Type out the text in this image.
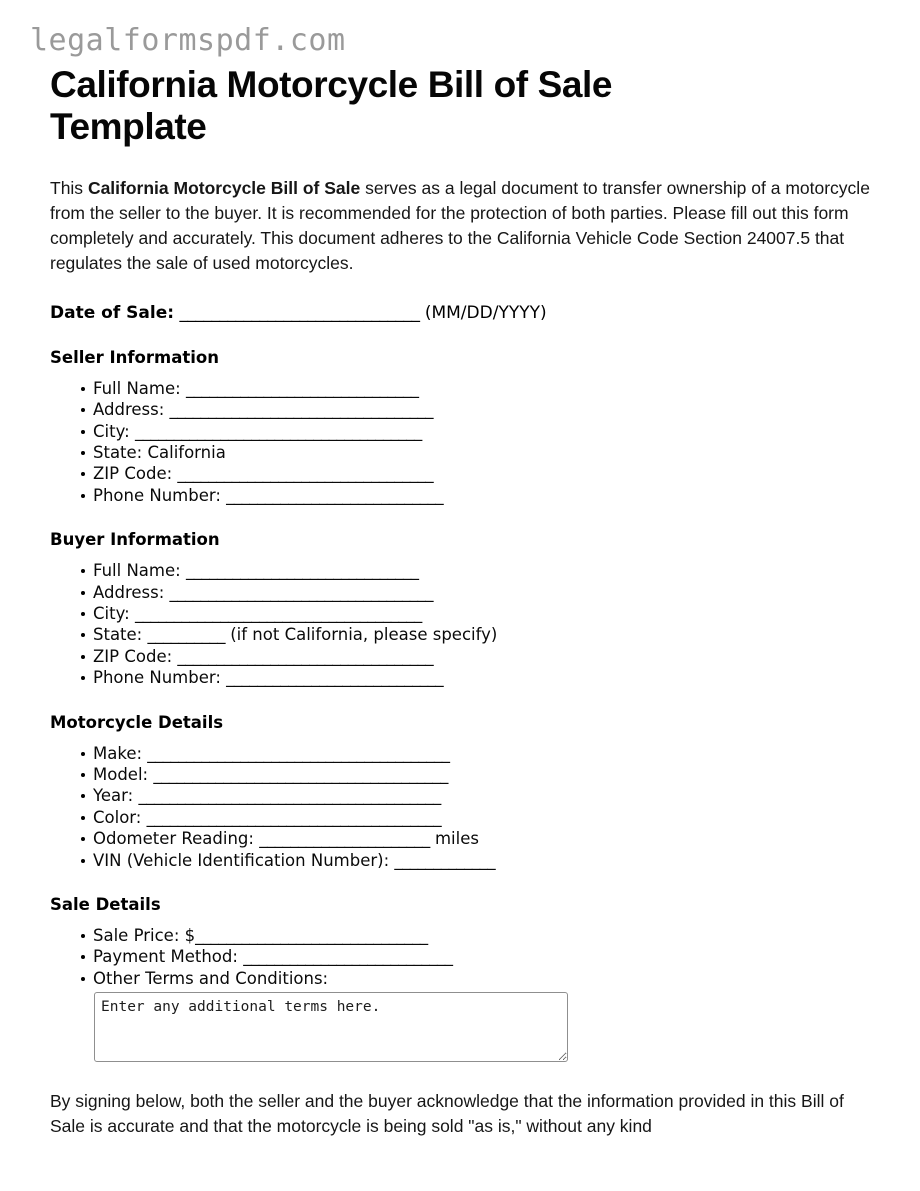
legalformspdf.com
California Motorcycle Bill of Sale Template

This California Motorcycle Bill of Sale serves as a legal document to transfer ownership of a motorcycle from the seller to the buyer. It is recommended for the protection of both parties. Please fill out this form completely and accurately. This document adheres to the California Vehicle Code Section 24007.5 that regulates the sale of used motorcycles.

Date of Sale: ______________________________ (MM/DD/YYYY)
Seller Information
Full Name: ______________________________
Address: __________________________________
City: _____________________________________
State: California
ZIP Code: _________________________________
Phone Number: ____________________________
Buyer Information
Full Name: ______________________________
Address: __________________________________
City: _____________________________________
State: __________ (if not California, please specify)
ZIP Code: _________________________________
Phone Number: ____________________________
Motorcycle Details
Make: _______________________________________
Model: ______________________________________
Year: _______________________________________
Color: ______________________________________
Odometer Reading: ______________________ miles
VIN (Vehicle Identification Number): _____________
Sale Details
Sale Price: $______________________________
Payment Method: ___________________________
Other Terms and Conditions:
Enter any additional terms here.

By signing below, both the seller and the buyer acknowledge that the information provided in this Bill of Sale is accurate and that the motorcycle is being sold "as is," without any kind
